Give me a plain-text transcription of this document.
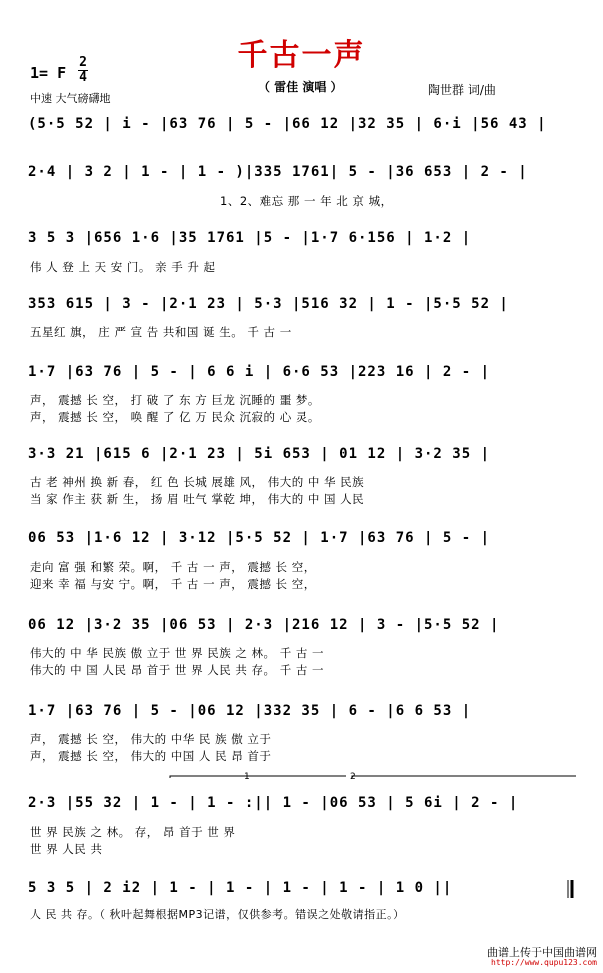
千古一声
（ 雷佳 演唱 ）
1= F
2
4
中速 大气磅礴地
陶世群 词/曲
(5·5 52 | i - |63 76 | 5 - |66 12 |32 35 | 6·i |56 43 |
2·4 | 3 2 | 1 - | 1 - )|335 1761| 5 - |36 653 | 2 - |
1、2、难忘 那 一 年 北 京 城，
3 5 3 |656 1·6 |35 1761 |5 - |1·7 6·156 | 1·2 |
伟 人 登 上 天 安 门。 亲 手 升 起
353 615 | 3 - |2·1 23 | 5·3 |516 32 | 1 - |5·5 52 |
五星红 旗， 庄 严 宣 告 共和国 诞 生。 千 古 一
1·7 |63 76 | 5 - | 6 6 i | 6·6 53 |223 16 | 2 - |
声， 震撼 长 空， 打 破 了 东 方 巨龙 沉睡的 噩 梦。
声， 震撼 长 空， 唤 醒 了 亿 万 民众 沉寂的 心 灵。
3·3 21 |615 6 |2·1 23 | 5i 653 | 01 12 | 3·2 35 |
古 老 神州 换 新 春， 红 色 长城 展雄 风， 伟大的 中 华 民族
当 家 作主 获 新 生， 扬 眉 吐气 掌乾 坤， 伟大的 中 国 人民
06 53 |1·6 12 | 3·12 |5·5 52 | 1·7 |63 76 | 5 - |
走向 富 强 和繁 荣。啊， 千 古 一 声， 震撼 长 空，
迎来 幸 福 与安 宁。啊， 千 古 一 声， 震撼 长 空，
06 12 |3·2 35 |06 53 | 2·3 |216 12 | 3 - |5·5 52 |
伟大的 中 华 民族 傲 立于 世 界 民族 之 林。 千 古 一
伟大的 中 国 人民 昂 首于 世 界 人民 共 存。 千 古 一
1·7 |63 76 | 5 - |06 12 |332 35 | 6 - |6 6 53 |
声， 震撼 长 空， 伟大的 中华 民 族 傲 立于
声， 震撼 长 空， 伟大的 中国 人 民 昂 首于
1	2
2·3 |55 32 | 1 - | 1 - :|| 1 - |06 53 | 5 6i | 2 - |
世 界 民族 之 林。 存， 昂 首于 世 界
世 界 人民 共
5 3 5 | 2 i2 | 1 - | 1 - | 1 - | 1 - | 1 0 ||
人 民 共 存。（ 秋叶起舞根据MP3记谱，仅供参考。错误之处敬请指正。）
曲谱上传于中国曲谱网
http://www.qupu123.com
